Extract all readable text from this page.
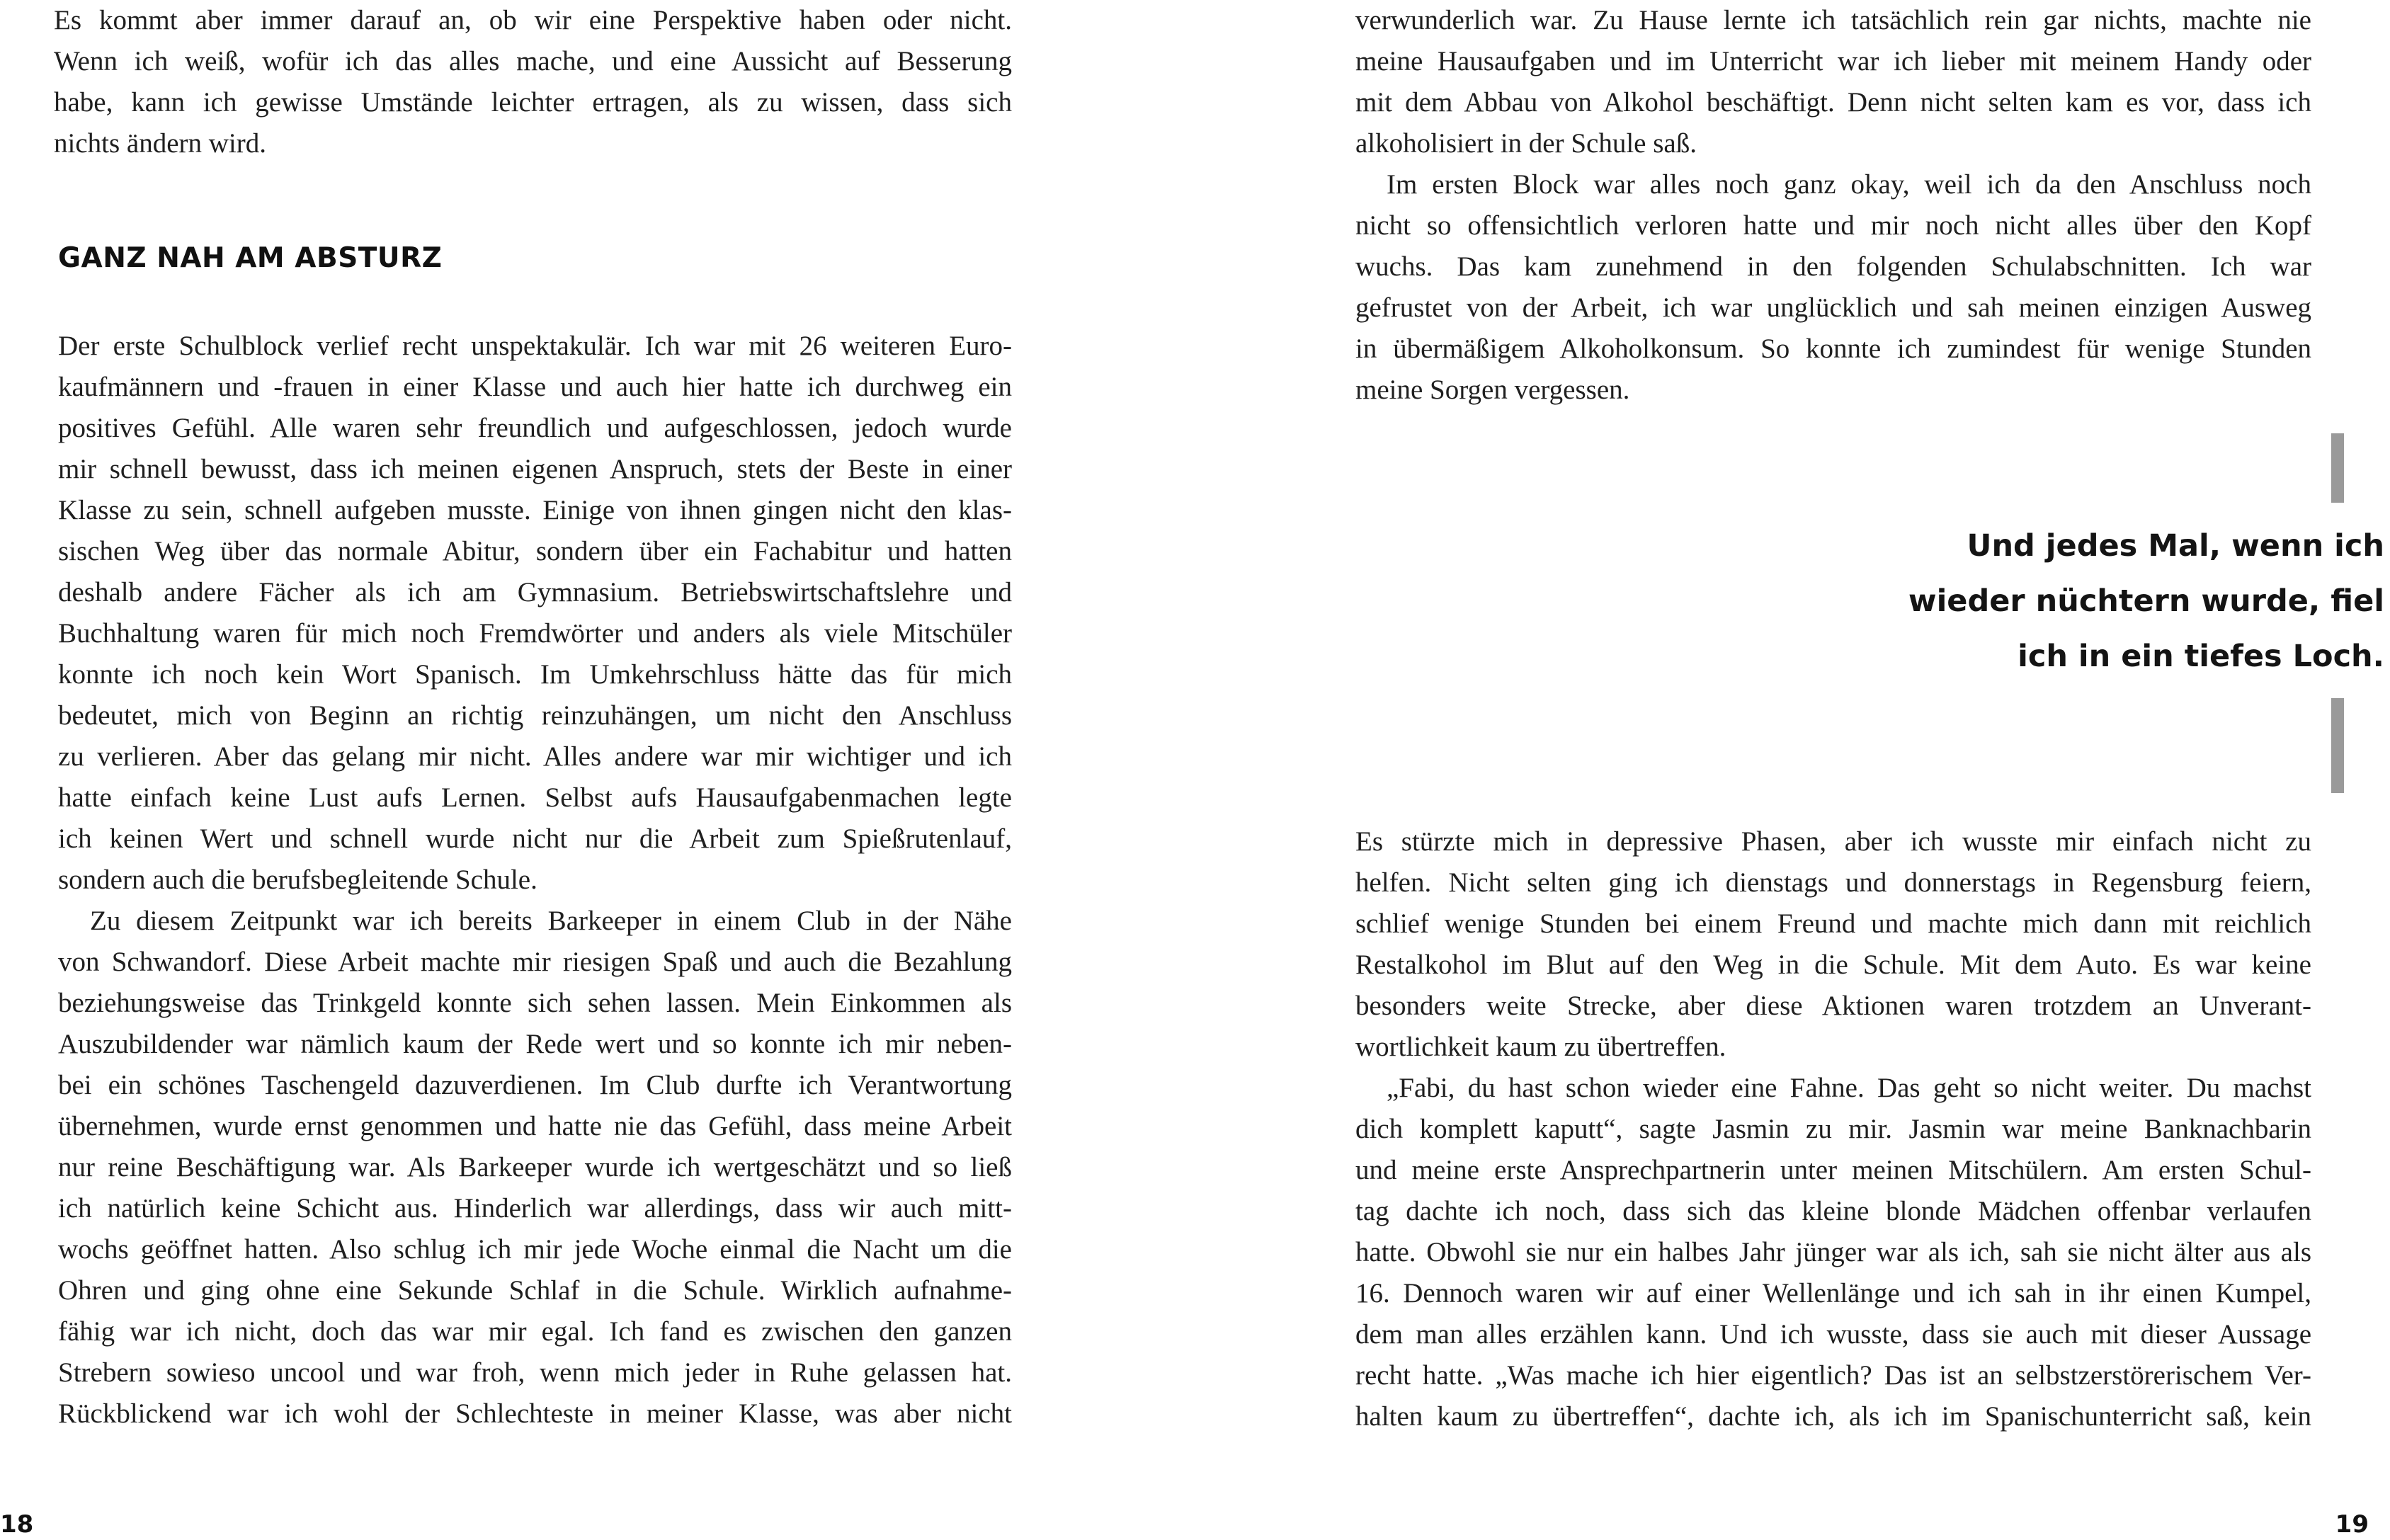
Es kommt aber immer darauf an, ob wir eine Perspektive haben oder nicht.
Wenn ich weiß, wofür ich das alles mache, und eine Aussicht auf Besserung
habe, kann ich gewisse Umstände leichter ertragen, als zu wissen, dass sich
nichts ändern wird.
GANZ NAH AM ABSTURZ
Der erste Schulblock verlief recht unspektakulär. Ich war mit 26 weiteren Euro-
kaufmännern und -frauen in einer Klasse und auch hier hatte ich durchweg ein
positives Gefühl. Alle waren sehr freundlich und aufgeschlossen, jedoch wurde
mir schnell bewusst, dass ich meinen eigenen Anspruch, stets der Beste in einer
Klasse zu sein, schnell aufgeben musste. Einige von ihnen gingen nicht den klas-
sischen Weg über das normale Abitur, sondern über ein Fachabitur und hatten
deshalb andere Fächer als ich am Gymnasium. Betriebswirtschaftslehre und
Buchhaltung waren für mich noch Fremdwörter und anders als viele Mitschüler
konnte ich noch kein Wort Spanisch. Im Umkehrschluss hätte das für mich
bedeutet, mich von Beginn an richtig reinzuhängen, um nicht den Anschluss
zu verlieren. Aber das gelang mir nicht. Alles andere war mir wichtiger und ich
hatte einfach keine Lust aufs Lernen. Selbst aufs Hausaufgabenmachen legte
ich keinen Wert und schnell wurde nicht nur die Arbeit zum Spießrutenlauf,
sondern auch die berufsbegleitende Schule.
Zu diesem Zeitpunkt war ich bereits Barkeeper in einem Club in der Nähe
von Schwandorf. Diese Arbeit machte mir riesigen Spaß und auch die Bezahlung
beziehungsweise das Trinkgeld konnte sich sehen lassen. Mein Einkommen als
Auszubildender war nämlich kaum der Rede wert und so konnte ich mir neben-
bei ein schönes Taschengeld dazuverdienen. Im Club durfte ich Verantwortung
übernehmen, wurde ernst genommen und hatte nie das Gefühl, dass meine Arbeit
nur reine Beschäftigung war. Als Barkeeper wurde ich wertgeschätzt und so ließ
ich natürlich keine Schicht aus. Hinderlich war allerdings, dass wir auch mitt-
wochs geöffnet hatten. Also schlug ich mir jede Woche einmal die Nacht um die
Ohren und ging ohne eine Sekunde Schlaf in die Schule. Wirklich aufnahme-
fähig war ich nicht, doch das war mir egal. Ich fand es zwischen den ganzen
Strebern sowieso uncool und war froh, wenn mich jeder in Ruhe gelassen hat.
Rückblickend war ich wohl der Schlechteste in meiner Klasse, was aber nicht
18
verwunderlich war. Zu Hause lernte ich tatsächlich rein gar nichts, machte nie
meine Hausaufgaben und im Unterricht war ich lieber mit meinem Handy oder
mit dem Abbau von Alkohol beschäftigt. Denn nicht selten kam es vor, dass ich
alkoholisiert in der Schule saß.
Im ersten Block war alles noch ganz okay, weil ich da den Anschluss noch
nicht so offensichtlich verloren hatte und mir noch nicht alles über den Kopf
wuchs. Das kam zunehmend in den folgenden Schulabschnitten. Ich war
gefrustet von der Arbeit, ich war unglücklich und sah meinen einzigen Ausweg
in übermäßigem Alkoholkonsum. So konnte ich zumindest für wenige Stunden
meine Sorgen vergessen.
Und jedes Mal, wenn ich
wieder nüchtern wurde, fiel
ich in ein tiefes Loch.
Es stürzte mich in depressive Phasen, aber ich wusste mir einfach nicht zu
helfen. Nicht selten ging ich dienstags und donnerstags in Regensburg feiern,
schlief wenige Stunden bei einem Freund und machte mich dann mit reichlich
Restalkohol im Blut auf den Weg in die Schule. Mit dem Auto. Es war keine
besonders weite Strecke, aber diese Aktionen waren trotzdem an Unverant-
wortlichkeit kaum zu übertreffen.
„Fabi, du hast schon wieder eine Fahne. Das geht so nicht weiter. Du machst
dich komplett kaputt“, sagte Jasmin zu mir. Jasmin war meine Banknachbarin
und meine erste Ansprechpartnerin unter meinen Mitschülern. Am ersten Schul-
tag dachte ich noch, dass sich das kleine blonde Mädchen offenbar verlaufen
hatte. Obwohl sie nur ein halbes Jahr jünger war als ich, sah sie nicht älter aus als
16. Dennoch waren wir auf einer Wellenlänge und ich sah in ihr einen Kumpel,
dem man alles erzählen kann. Und ich wusste, dass sie auch mit dieser Aussage
recht hatte. „Was mache ich hier eigentlich? Das ist an selbstzerstörerischem Ver-
halten kaum zu übertreffen“, dachte ich, als ich im Spanischunterricht saß, kein
19
